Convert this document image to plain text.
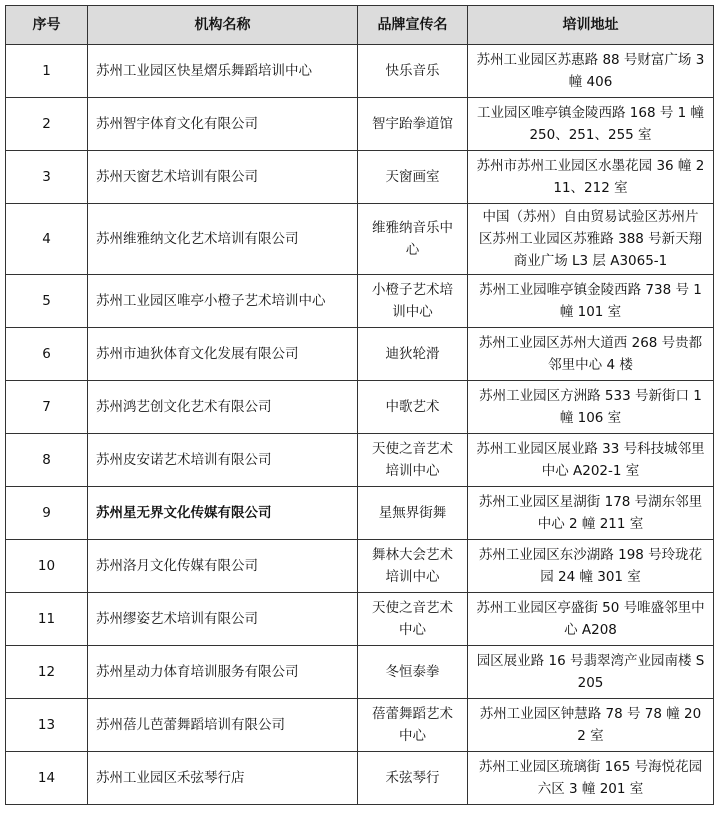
序号	机构名称	品牌宣传名	培训地址
1	苏州工业园区快星熠乐舞蹈培训中心	快乐音乐	苏州工业园区苏惠路 88 号财富广场 3 幢 406
2	苏州智宇体育文化有限公司	智宇跆拳道馆	工业园区唯亭镇金陵西路 168 号 1 幢 250、251、255 室
3	苏州天窗艺术培训有限公司	天窗画室	苏州市苏州工业园区水墨花园 36 幢 211、212 室
4	苏州维雅纳文化艺术培训有限公司	维雅纳音乐中心	中国（苏州）自由贸易试验区苏州片区苏州工业园区苏雅路 388 号新天翔商业广场 L3 层 A3065-1
5	苏州工业园区唯亭小橙子艺术培训中心	小橙子艺术培训中心	苏州工业园唯亭镇金陵西路 738 号 1 幢 101 室
6	苏州市迪狄体育文化发展有限公司	迪狄轮滑	苏州工业园区苏州大道西 268 号贵都邻里中心 4 楼
7	苏州鸿艺创文化艺术有限公司	中歌艺术	苏州工业园区方洲路 533 号新街口 1 幢 106 室
8	苏州皮安诺艺术培训有限公司	天使之音艺术培训中心	苏州工业园区展业路 33 号科技城邻里中心 A202-1 室
9	苏州星无界文化传媒有限公司	星無界街舞	苏州工业园区星湖街 178 号湖东邻里中心 2 幢 211 室
10	苏州洛月文化传媒有限公司	舞林大会艺术培训中心	苏州工业园区东沙湖路 198 号玲珑花园 24 幢 301 室
11	苏州缪姿艺术培训有限公司	天使之音艺术中心	苏州工业园区亭盛街 50 号唯盛邻里中心 A208
12	苏州星动力体育培训服务有限公司	冬恒泰拳	园区展业路 16 号翡翠湾产业园南楼 S205
13	苏州蓓儿芭蕾舞蹈培训有限公司	蓓蕾舞蹈艺术中心	苏州工业园区钟慧路 78 号 78 幢 202 室
14	苏州工业园区禾弦琴行店	禾弦琴行	苏州工业园区琉璃街 165 号海悦花园六区 3 幢 201 室
